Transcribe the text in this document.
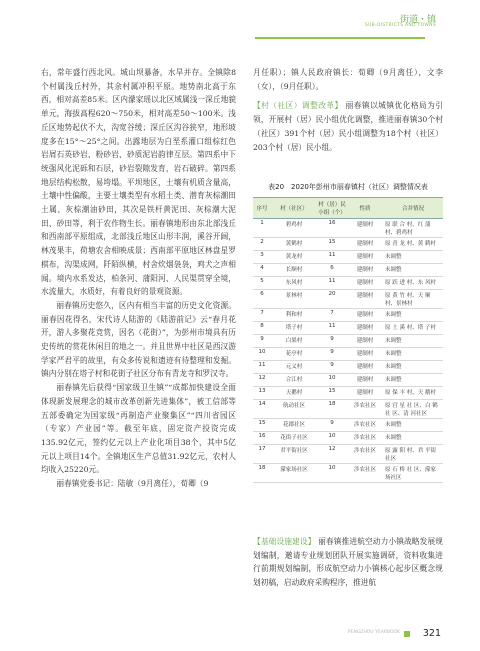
街道・镇
SUB-DISTRICTS AND TOWNS

右，常年盛行西北风。城山坝暴备，水旱并存。全镇除8个村属浅丘村外，其余村属冲积平原。地势南北高于东西，相对高差85米。区内濛家瑶以北区域属浅一深丘地貌单元，海拔高程620～750米，相对高差50～100米。浅丘区地势起伏不大，沟宽谷缓；深丘区沟谷狭窄，地形坡度多在15°～25°之间。出露地层为白垩系灌口组棕红色岩屑石英砂岩、粉砂岩、砂质泥岩韵律互层。第四系中下统强风化泥砾和石层，砂岩裂隙发育，岩石破碎。第四系地层结构松散，易垮塌。平坝地区，土壤有机质含量高，土壤中性偏酸，主要土壤类型有水稻土类、潜育灰棕潮田土属、灰棕潮油砂田，其次是铁杆黄泥田、灰棕潮大泥田、砂田等，利于农作物生长。丽春镇地形由东北部浅丘和西南部平原组成，北部浅丘地区山形丰润，溪谷开阔，林茂果丰，荷塘农舍相映成景；西南部平原地区林盘星罗棋布，沟渠成网，阡陌纵横，村舍炊烟袅袅，鸡犬之声相闻。境内水系发达，柏条河、蒲阳河、人民渠贯穿全境，水流量大，水质好，有着良好的景观资源。

丽春镇历史悠久，区内有相当丰富的历史文化资源。丽春因花得名，宋代诗人陆游的《陆游前记》云“春月花开，游人多聚花竞赏，因名（花街）”，为彭州市境具有历史传统的赏花休闲目的地之一。并且世界中社区是西汉游学家严君平的故里，有众多传说和遗迹有待整理和发掘。镇内分别在塔子村和花街子社区分布有青龙寺和罗汉寺。

丽春镇先后获得“国家级卫生镇”“成都加快建设全面体现新发展理念的城市改革创新先进集体”，被工信部等五部委确定为国家级“再制造产业聚集区”“四川省园区（专家）产业园”等。截至年底，固定资产投资完成135.92亿元，签约亿元以上产业化项目38个，其中5亿元以上项目14个。全镇地区生产总值31.92亿元，农村人均收入25220元。

丽春镇党委书记：陆敏（9月离任），荀卿（9

月任职）；镇人民政府镇长：荀卿（9月离任），文李（女），（9月任职）。

【村（社区）调整改革】 丽春镇以城镇优化格局为引领，开展村（居）民小组优化调整，推进丽春镇30个村（社区）391个村（居）民小组调整为18个村（社区）203个村（居）民小组。

表20　2020年彭州市丽春镇村（社区）调整情况表
序号	村（社区）	村（居）民小组（个）	性质	合并情况
1	碧鸡村	16	建制村	原 联 合 村、红 蒲 村、碧鸡村
2	黄鹤村	15	建制村	原 青 龙 村、黄 鹤村
3	黄龙村	11	建制村	未调整
4	长顺村	6	建制村	未调整
5	东风村	11	建制村	原 跃 进 村、东 风村
6	景林村	20	建制村	原 黄 竹 村、天 顺村、景林村
7	利和村	7	建制村	未调整
8	塔子村	11	建制村	原 土 溪 村、塔 子村
9	白果村	9	建制村	未调整
10	花亭村	9	建制村	未调整
11	元义村	9	建制村	未调整
12	合江村	10	建制村	未调整
13	天鹅村	15	建制村	原 保 丰 村、天 鹅村
14	航动社区	18	涉农社区	原 宫 星 社 区、白 鹤 社 区、清 河社区
15	花郡社区	9	涉农社区	未调整
16	花街子社区	10	涉农社区	未调整
17	君平街社区	12	涉农社区	原 露 阳 村、君 平街社区
18	濛家场社区	10	涉农社区	原 石 桥 社 区、濛家场社区

【基础设施建设】 丽春镇推进航空动力小镇战略发展规划编制，邀请专业规划团队开展实施调研，资料收集进行前期规划编制，形成航空动力小镇核心起步区概念规划初稿，启动政府采购程序，推进航

PENGZHOU YEARBOOK 321
